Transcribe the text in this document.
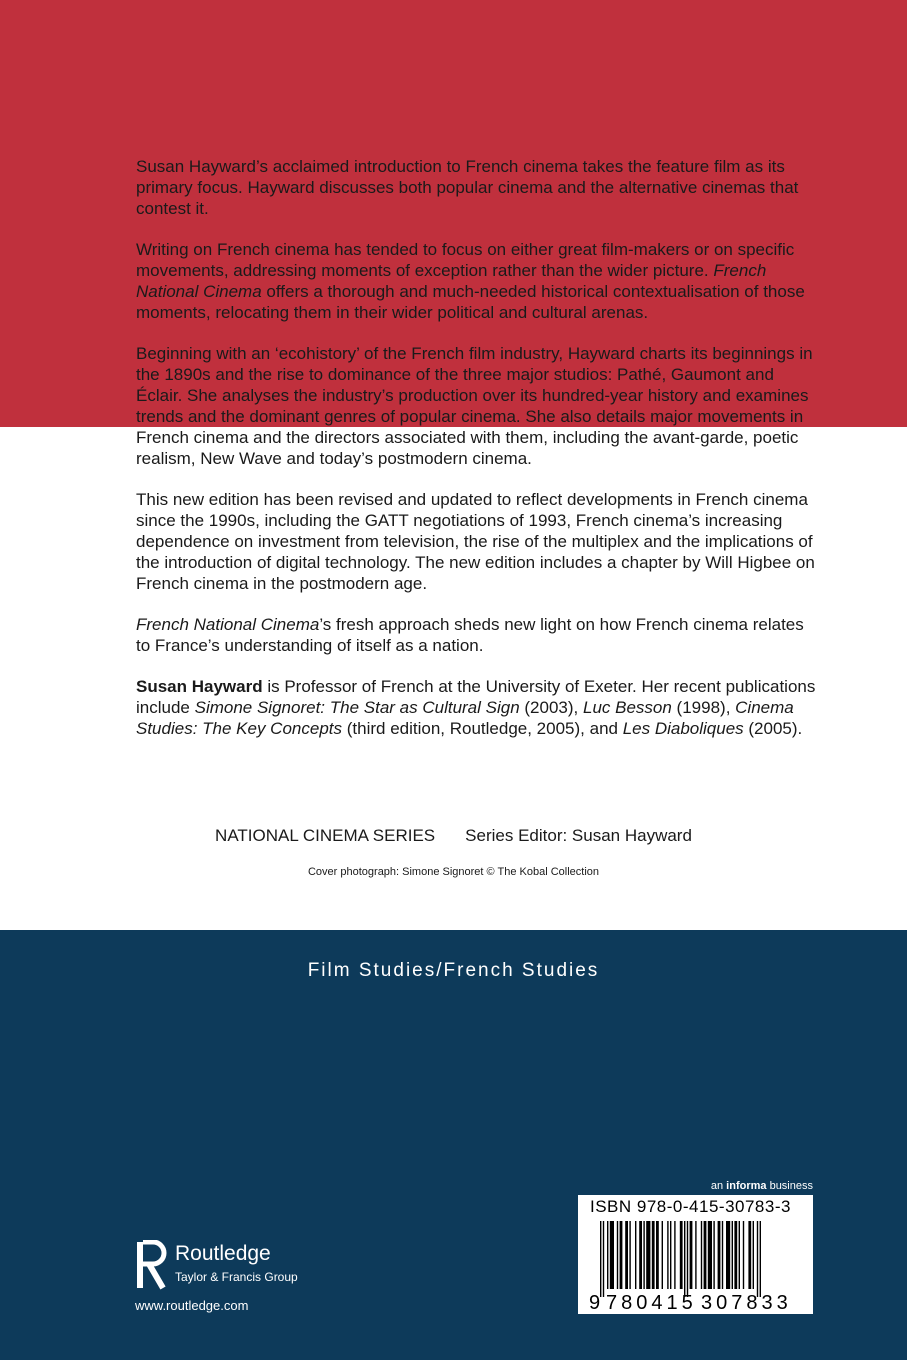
Susan Hayward’s acclaimed introduction to French cinema takes the feature film as its primary focus. Hayward discusses both popular cinema and the alternative cinemas that contest it.

Writing on French cinema has tended to focus on either great film-makers or on specific movements, addressing moments of exception rather than the wider picture. French National Cinema offers a thorough and much-needed historical contextualisation of those moments, relocating them in their wider political and cultural arenas.

Beginning with an ‘ecohistory’ of the French film industry, Hayward charts its beginnings in the 1890s and the rise to dominance of the three major studios: Pathé, Gaumont and Éclair. She analyses the industry’s production over its hundred-year history and examines trends and the dominant genres of popular cinema. She also details major movements in French cinema and the directors associated with them, including the avant-garde, poetic realism, New Wave and today’s postmodern cinema.

This new edition has been revised and updated to reflect developments in French cinema since the 1990s, including the GATT negotiations of 1993, French cinema’s increasing dependence on investment from television, the rise of the multiplex and the implications of the introduction of digital technology. The new edition includes a chapter by Will Higbee on French cinema in the postmodern age.

French National Cinema’s fresh approach sheds new light on how French cinema relates to France’s understanding of itself as a nation.

Susan Hayward is Professor of French at the University of Exeter. Her recent publications include Simone Signoret: The Star as Cultural Sign (2003), Luc Besson (1998), Cinema Studies: The Key Concepts (third edition, Routledge, 2005), and Les Diaboliques (2005).

NATIONAL CINEMA SERIES Series Editor: Susan Hayward
Cover photograph: Simone Signoret © The Kobal Collection
Film Studies/French Studies
an informa business
9 780415 307833
ISBN 978-0-415-30783-3
Routledge
Taylor & Francis Group
www.routledge.com
